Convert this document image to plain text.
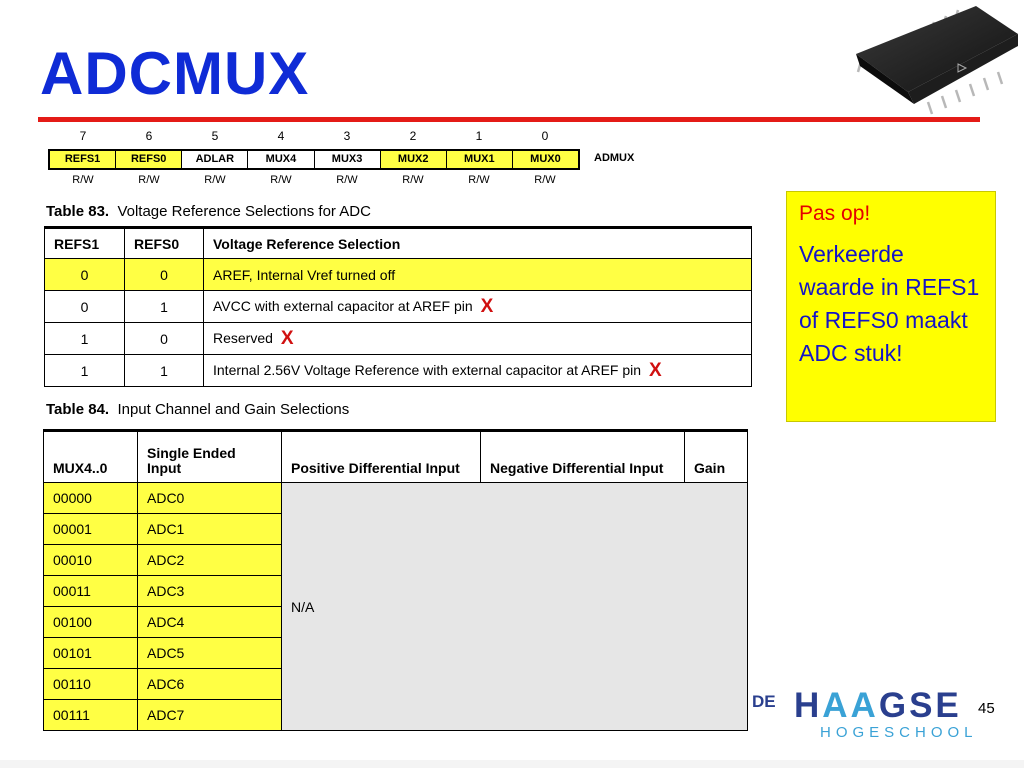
ADCMUX
7	6	5	4	3	2	1	0
REFS1	REFS0	ADLAR	MUX4	MUX3	MUX2	MUX1	MUX0	ADMUX
R/W	R/W	R/W	R/W	R/W	R/W	R/W	R/W
Table 83. Voltage Reference Selections for ADC
REFS1	REFS0	Voltage Reference Selection
0	0	AREF, Internal Vref turned off
0	1	AVCC with external capacitor at AREF pin X
1	0	Reserved X
1	1	Internal 2.56V Voltage Reference with external capacitor at AREF pin X
Table 84. Input Channel and Gain Selections
MUX4..0	Single Ended Input	Positive Differential Input	Negative Differential Input	Gain
00000	ADC0	N/A		
00001	ADC1			
00010	ADC2			
00011	ADC3			
00100	ADC4			
00101	ADC5			
00110	ADC6			
00111	ADC7			
Pas op!
Verkeerde waarde in REFS1 of REFS0 maakt ADC stuk!
DE HAAGSE
HOGESCHOOL
45
